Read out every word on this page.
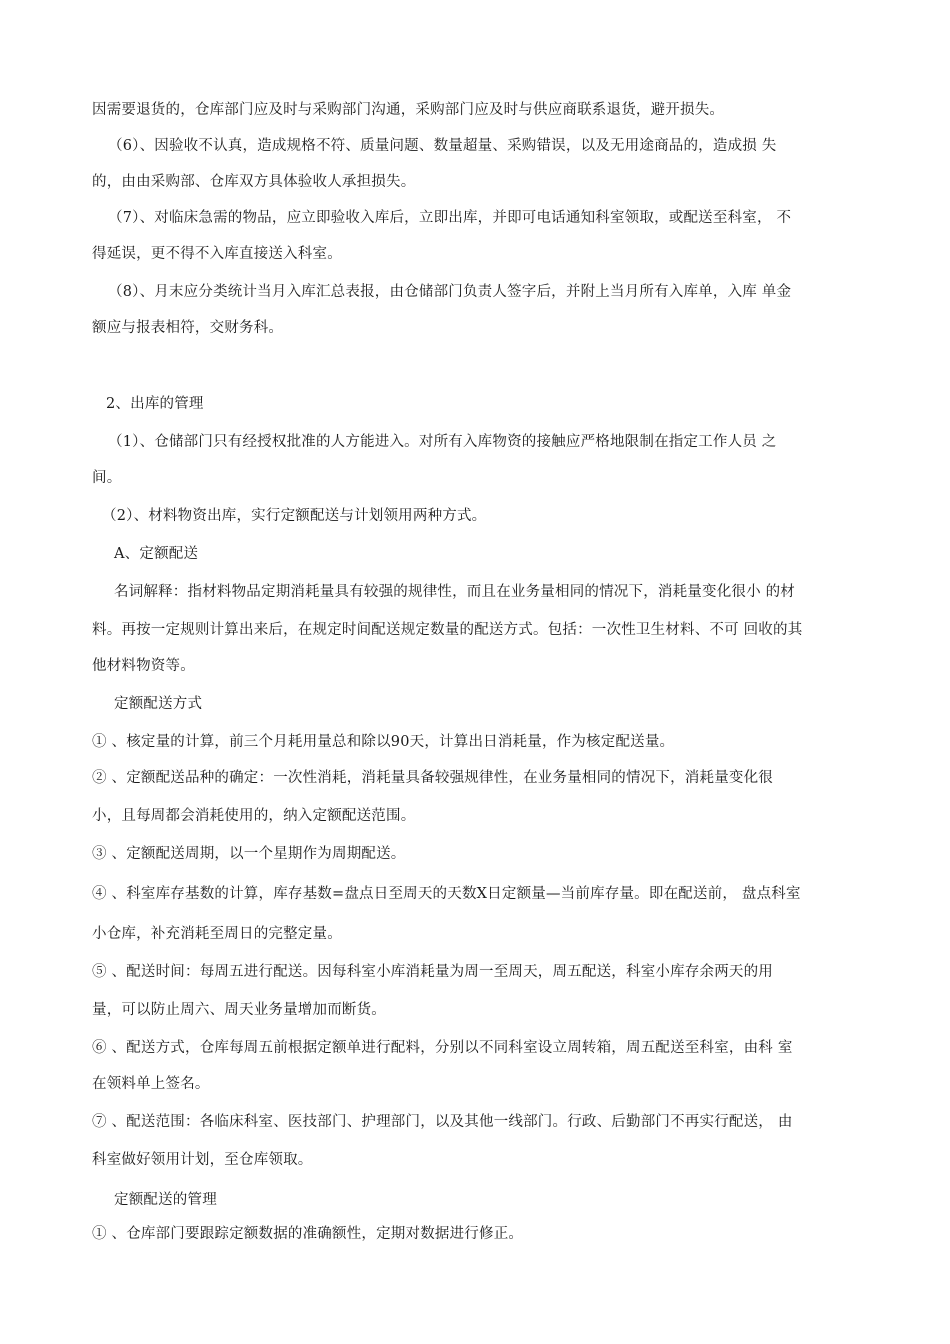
因需要退货的，仓库部门应及时与采购部门沟通，采购部门应及时与供应商联系退货，避开损失。

（6）、因验收不认真，造成规格不符、质量问题、数量超量、采购错误，以及无用途商品的，造成损 失

的，由由采购部、仓库双方具体验收人承担损失。

（7）、对临床急需的物品，应立即验收入库后，立即出库，并即可电话通知科室领取，或配送至科室， 不

得延误，更不得不入库直接送入科室。

（8）、月末应分类统计当月入库汇总表报，由仓储部门负责人签字后，并附上当月所有入库单，入库 单金

额应与报表相符，交财务科。

2、出库的管理

（1）、仓储部门只有经授权批准的人方能进入。对所有入库物资的接触应严格地限制在指定工作人员 之

间。

（2）、材料物资出库，实行定额配送与计划领用两种方式。

A、定额配送

名词解释：指材料物品定期消耗量具有较强的规律性，而且在业务量相同的情况下，消耗量变化很小 的材

料。再按一定规则计算出来后，在规定时间配送规定数量的配送方式。包括：一次性卫生材料、不可 回收的其

他材料物资等。

定额配送方式

① 、核定量的计算，前三个月耗用量总和除以90天，计算出日消耗量，作为核定配送量。

② 、定额配送品种的确定：一次性消耗，消耗量具备较强规律性，在业务量相同的情况下，消耗量变化很

小，且每周都会消耗使用的，纳入定额配送范围。

③ 、定额配送周期，以一个星期作为周期配送。

④ 、科室库存基数的计算，库存基数=盘点日至周天的天数X日定额量—当前库存量。即在配送前， 盘点科室

小仓库，补充消耗至周日的完整定量。

⑤ 、配送时间：每周五进行配送。因每科室小库消耗量为周一至周天，周五配送，科室小库存余两天的用

量，可以防止周六、周天业务量增加而断货。

⑥ 、配送方式，仓库每周五前根据定额单进行配料，分别以不同科室设立周转箱，周五配送至科室，由科 室

在领料单上签名。

⑦ 、配送范围：各临床科室、医技部门、护理部门，以及其他一线部门。行政、后勤部门不再实行配送， 由

科室做好领用计划，至仓库领取。

定额配送的管理

① 、仓库部门要跟踪定额数据的准确额性，定期对数据进行修正。
